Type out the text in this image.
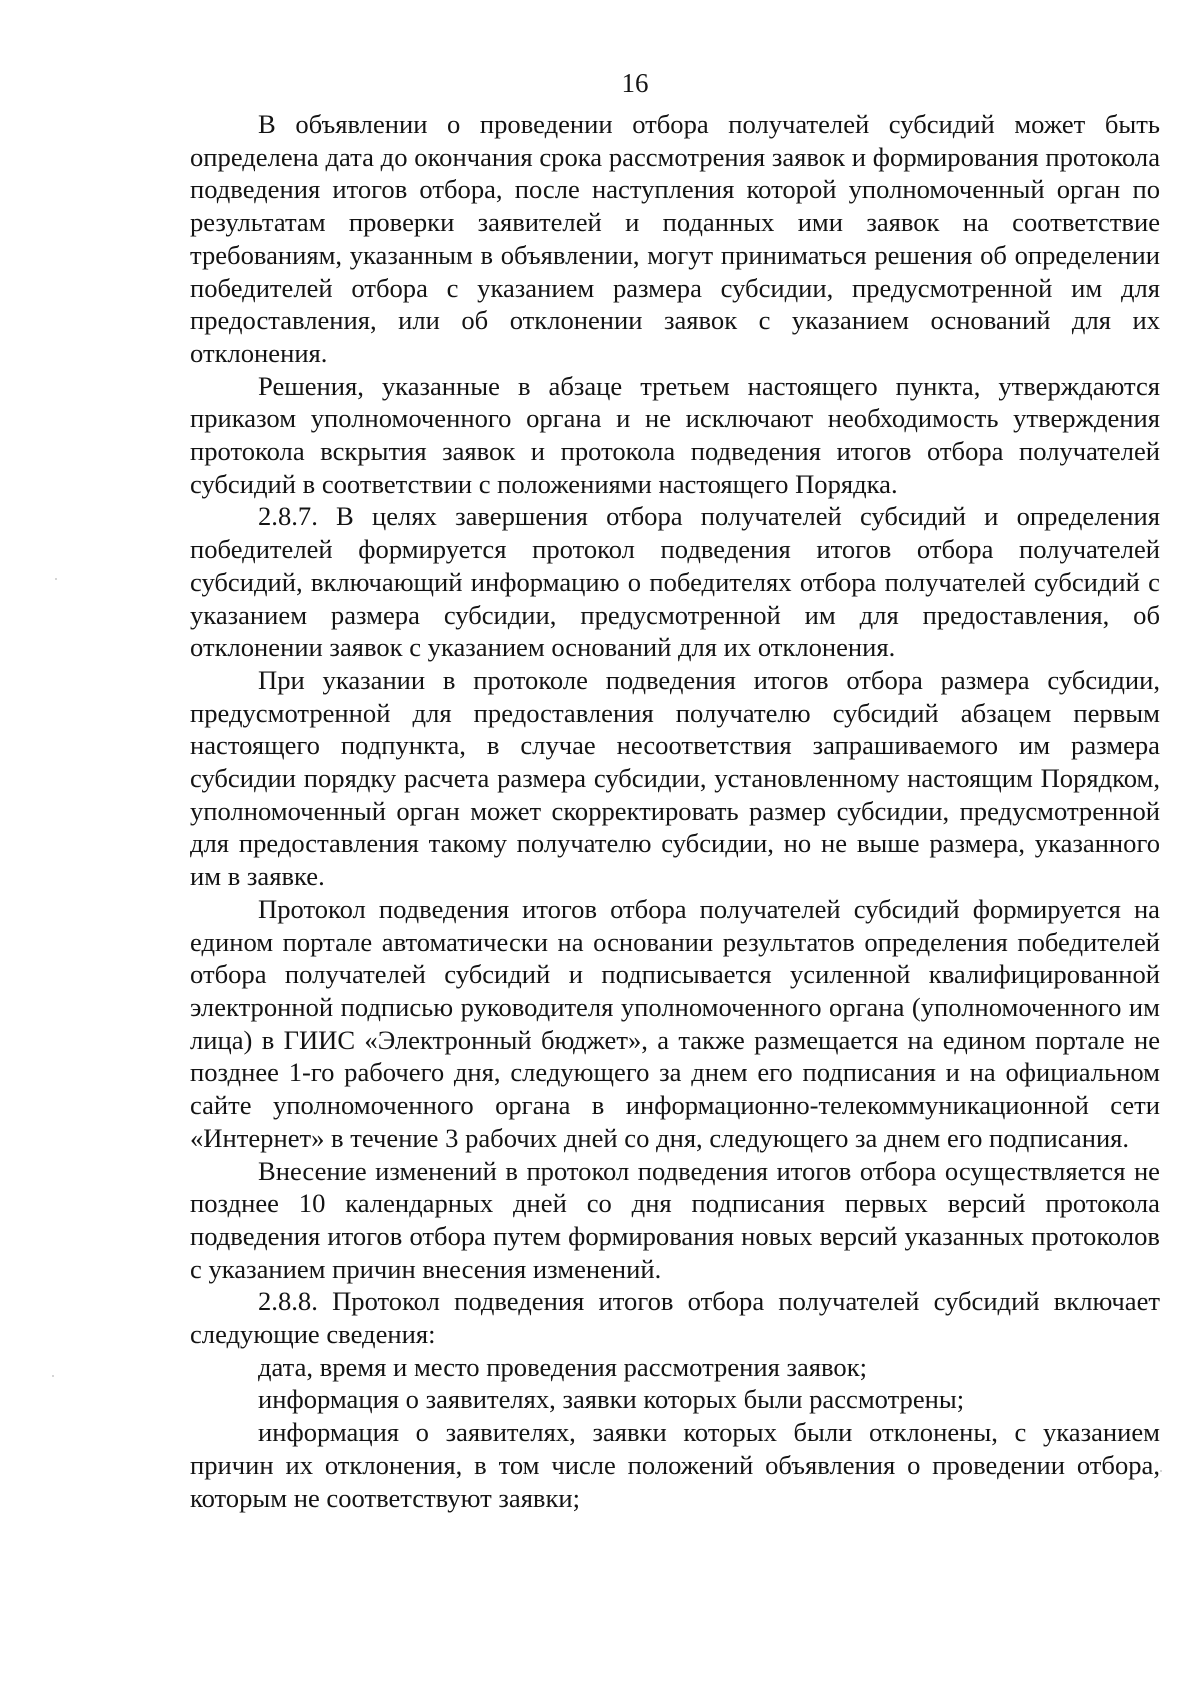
16

В объявлении о проведении отбора получателей субсидий может быть определена дата до окончания срока рассмотрения заявок и формирования протокола подведения итогов отбора, после наступления которой уполномоченный орган по результатам проверки заявителей и поданных ими заявок на соответствие требованиям, указанным в объявлении, могут приниматься решения об определении победителей отбора с указанием размера субсидии, предусмотренной им для предоставления, или об отклонении заявок с указанием оснований для их отклонения.

Решения, указанные в абзаце третьем настоящего пункта, утверждаются приказом уполномоченного органа и не исключают необходимость утверждения протокола вскрытия заявок и протокола подведения итогов отбора получателей субсидий в соответствии с положениями настоящего Порядка.

2.8.7. В целях завершения отбора получателей субсидий и определения победителей формируется протокол подведения итогов отбора получателей субсидий, включающий информацию о победителях отбора получателей субсидий с указанием размера субсидии, предусмотренной им для предоставления, об отклонении заявок с указанием оснований для их отклонения.

При указании в протоколе подведения итогов отбора размера субсидии, предусмотренной для предоставления получателю субсидий абзацем первым настоящего подпункта, в случае несоответствия запрашиваемого им размера субсидии порядку расчета размера субсидии, установленному настоящим Порядком, уполномоченный орган может скорректировать размер субсидии, предусмотренной для предоставления такому получателю субсидии, но не выше размера, указанного им в заявке.

Протокол подведения итогов отбора получателей субсидий формируется на едином портале автоматически на основании результатов определения победителей отбора получателей субсидий и подписывается усиленной квалифицированной электронной подписью руководителя уполномоченного органа (уполномоченного им лица) в ГИИС «Электронный бюджет», а также размещается на едином портале не позднее 1-го рабочего дня, следующего за днем его подписания и на официальном сайте уполномоченного органа в информационно-телекоммуникационной сети «Интернет» в течение 3 рабочих дней со дня, следующего за днем его подписания.

Внесение изменений в протокол подведения итогов отбора осуществляется не позднее 10 календарных дней со дня подписания первых версий протокола подведения итогов отбора путем формирования новых версий указанных протоколов с указанием причин внесения изменений.

2.8.8. Протокол подведения итогов отбора получателей субсидий включает следующие сведения:

дата, время и место проведения рассмотрения заявок;

информация о заявителях, заявки которых были рассмотрены;

информация о заявителях, заявки которых были отклонены, с указанием причин их отклонения, в том числе положений объявления о проведении отбора, которым не соответствуют заявки;
